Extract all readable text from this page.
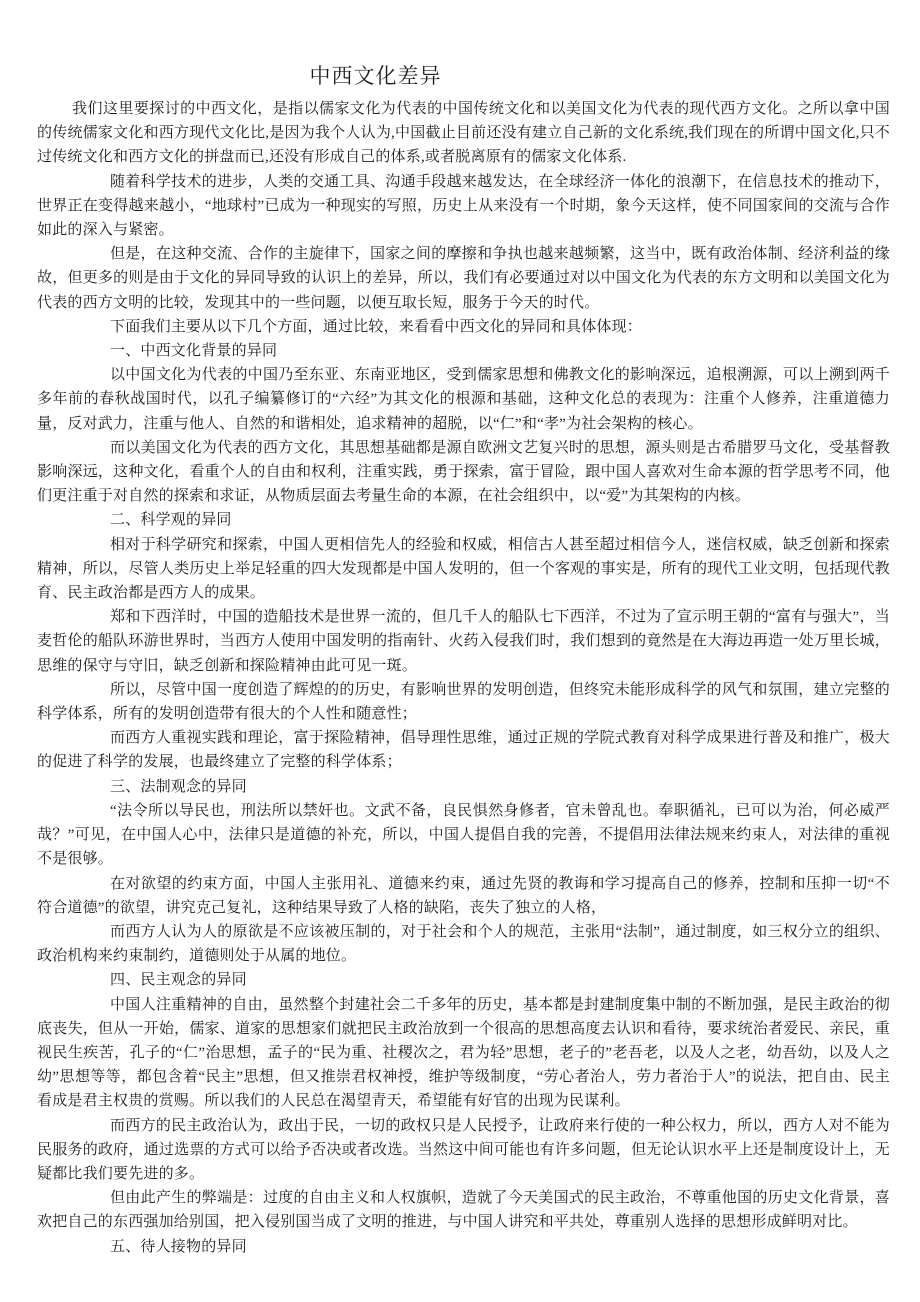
中西文化差异

我们这里要探讨的中西文化，是指以儒家文化为代表的中国传统文化和以美国文化为代表的现代西方文化。之所以拿中国的传统儒家文化和西方现代文化比,是因为我个人认为,中国截止目前还没有建立自己新的文化系统,我们现在的所谓中国文化,只不过传统文化和西方文化的拼盘而已,还没有形成自己的体系,或者脱离原有的儒家文化体系.

随着科学技术的进步，人类的交通工具、沟通手段越来越发达，在全球经济一体化的浪潮下，在信息技术的推动下，世界正在变得越来越小，“地球村”已成为一种现实的写照，历史上从来没有一个时期，象今天这样，使不同国家间的交流与合作如此的深入与紧密。

但是，在这种交流、合作的主旋律下，国家之间的摩擦和争执也越来越频繁，这当中，既有政治体制、经济利益的缘故，但更多的则是由于文化的异同导致的认识上的差异，所以，我们有必要通过对以中国文化为代表的东方文明和以美国文化为代表的西方文明的比较，发现其中的一些问题，以便互取长短，服务于今天的时代。

下面我们主要从以下几个方面，通过比较，来看看中西文化的异同和具体体现：

一、中西文化背景的异同

以中国文化为代表的中国乃至东亚、东南亚地区，受到儒家思想和佛教文化的影响深远，追根溯源，可以上溯到两千多年前的春秋战国时代，以孔子编纂修订的“六经”为其文化的根源和基础，这种文化总的表现为：注重个人修养，注重道德力量，反对武力，注重与他人、自然的和谐相处，追求精神的超脱，以“仁”和“孝”为社会架构的核心。

而以美国文化为代表的西方文化，其思想基础都是源自欧洲文艺复兴时的思想，源头则是古希腊罗马文化，受基督教影响深远，这种文化，看重个人的自由和权利，注重实践，勇于探索，富于冒险，跟中国人喜欢对生命本源的哲学思考不同，他们更注重于对自然的探索和求证，从物质层面去考量生命的本源，在社会组织中，以“爱”为其架构的内核。

二、科学观的异同

相对于科学研究和探索，中国人更相信先人的经验和权威，相信古人甚至超过相信今人，迷信权威，缺乏创新和探索精神，所以，尽管人类历史上举足轻重的四大发现都是中国人发明的，但一个客观的事实是，所有的现代工业文明，包括现代教育、民主政治都是西方人的成果。

郑和下西洋时，中国的造船技术是世界一流的，但几千人的船队七下西洋，不过为了宣示明王朝的“富有与强大”，当麦哲伦的船队环游世界时，当西方人使用中国发明的指南针、火药入侵我们时，我们想到的竟然是在大海边再造一处万里长城，思维的保守与守旧，缺乏创新和探险精神由此可见一斑。

所以，尽管中国一度创造了辉煌的的历史，有影响世界的发明创造，但终究未能形成科学的风气和氛围，建立完整的科学体系，所有的发明创造带有很大的个人性和随意性；

而西方人重视实践和理论，富于探险精神，倡导理性思维，通过正规的学院式教育对科学成果进行普及和推广，极大的促进了科学的发展，也最终建立了完整的科学体系；

三、法制观念的异同

“法令所以导民也，刑法所以禁奸也。文武不备，良民惧然身修者，官未曾乱也。奉职循礼，已可以为治，何必威严哉？”可见，在中国人心中，法律只是道德的补充，所以，中国人提倡自我的完善，不提倡用法律法规来约束人，对法律的重视不是很够。

在对欲望的约束方面，中国人主张用礼、道德来约束，通过先贤的教诲和学习提高自己的修养，控制和压抑一切“不符合道德”的欲望，讲究克己复礼，这种结果导致了人格的缺陷，丧失了独立的人格，

而西方人认为人的原欲是不应该被压制的，对于社会和个人的规范，主张用“法制”，通过制度，如三权分立的组织、政治机构来约束制约，道德则处于从属的地位。

四、民主观念的异同

中国人注重精神的自由，虽然整个封建社会二千多年的历史，基本都是封建制度集中制的不断加强，是民主政治的彻底丧失，但从一开始，儒家、道家的思想家们就把民主政治放到一个很高的思想高度去认识和看待，要求统治者爱民、亲民，重视民生疾苦，孔子的“仁”治思想，孟子的“民为重、社稷次之，君为轻”思想，老子的”老吾老，以及人之老，幼吾幼，以及人之幼”思想等等，都包含着“民主”思想，但又推崇君权神授，维护等级制度，“劳心者治人，劳力者治于人”的说法，把自由、民主看成是君主权贵的赏赐。所以我们的人民总在渴望青天，希望能有好官的出现为民谋利。

而西方的民主政治认为，政出于民，一切的政权只是人民授予，让政府来行使的一种公权力，所以，西方人对不能为民服务的政府，通过选票的方式可以给予否决或者改选。当然这中间可能也有许多问题，但无论认识水平上还是制度设计上，无疑都比我们要先进的多。

但由此产生的弊端是：过度的自由主义和人权旗帜，造就了今天美国式的民主政治，不尊重他国的历史文化背景，喜欢把自己的东西强加给别国，把入侵别国当成了文明的推进，与中国人讲究和平共处，尊重别人选择的思想形成鲜明对比。

五、待人接物的异同
